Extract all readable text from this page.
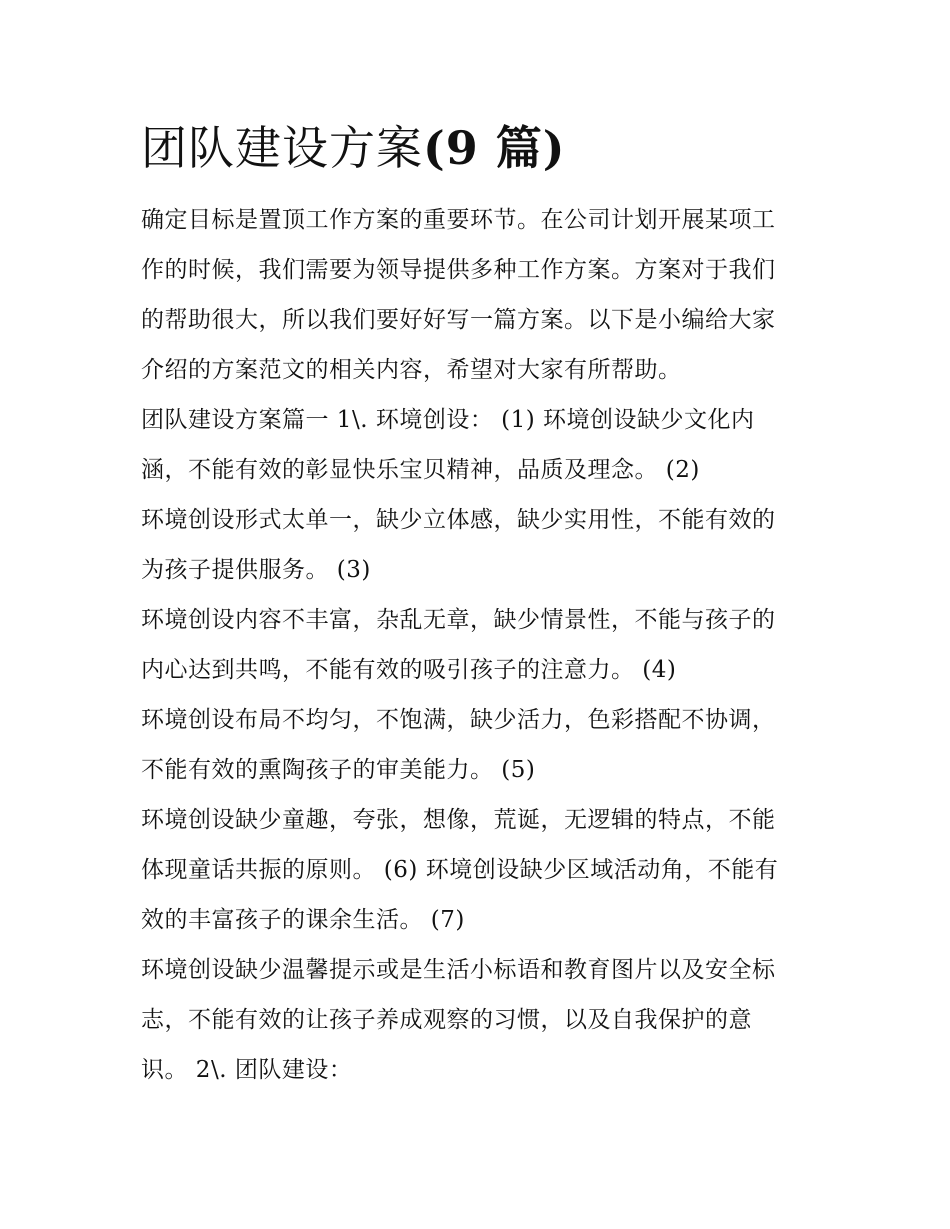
团队建设方案(9 篇)
确定目标是置顶工作方案的重要环节。在公司计划开展某项工
作的时候，我们需要为领导提供多种工作方案。方案对于我们
的帮助很大，所以我们要好好写一篇方案。以下是小编给大家
介绍的方案范文的相关内容，希望对大家有所帮助。
团队建设方案篇一 1\. 环境创设： (1) 环境创设缺少文化内
涵，不能有效的彰显快乐宝贝精神，品质及理念。 (2)
环境创设形式太单一，缺少立体感，缺少实用性，不能有效的
为孩子提供服务。 (3)
环境创设内容不丰富，杂乱无章，缺少情景性，不能与孩子的
内心达到共鸣，不能有效的吸引孩子的注意力。 (4)
环境创设布局不均匀，不饱满，缺少活力，色彩搭配不协调，
不能有效的熏陶孩子的审美能力。 (5)
环境创设缺少童趣，夸张，想像，荒诞，无逻辑的特点，不能
体现童话共振的原则。 (6) 环境创设缺少区域活动角，不能有
效的丰富孩子的课余生活。 (7)
环境创设缺少温馨提示或是生活小标语和教育图片以及安全标
志，不能有效的让孩子养成观察的习惯，以及自我保护的意
识。 2\. 团队建设：
